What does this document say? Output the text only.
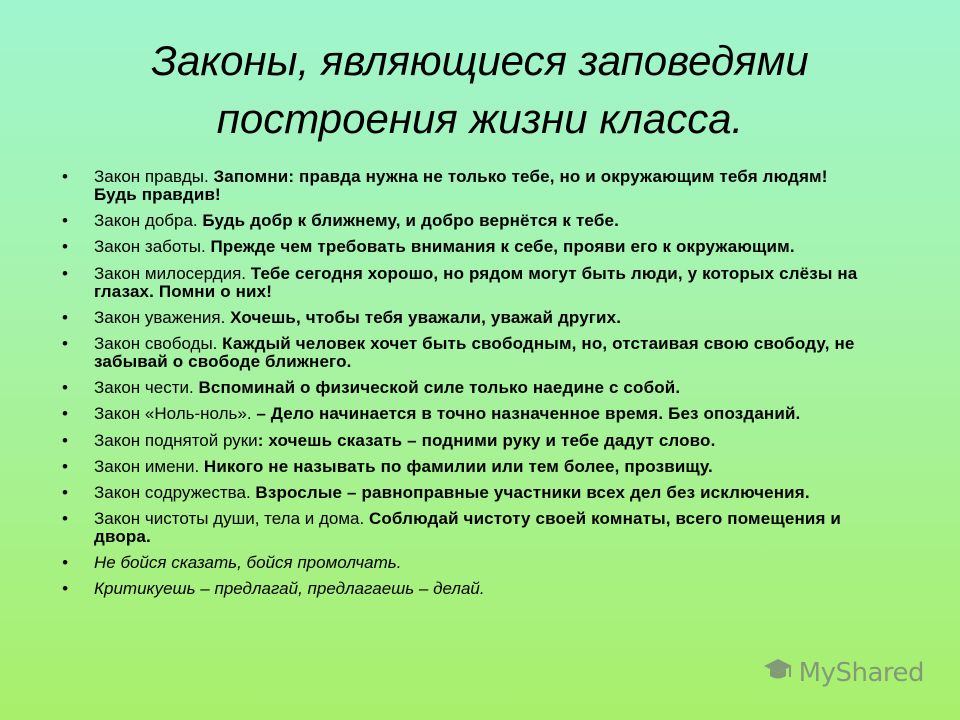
Законы, являющиеся заповедями
построения жизни класса.
• Закон правды. Запомни: правда нужна не только тебе, но и окружающим тебя людям! Будь правдив!
• Закон добра. Будь добр к ближнему, и добро вернётся к тебе.
• Закон заботы. Прежде чем требовать внимания к себе, прояви его к окружающим.
• Закон милосердия. Тебе сегодня хорошо, но рядом могут быть люди, у которых слёзы на глазах. Помни о них!
• Закон уважения. Хочешь, чтобы тебя уважали, уважай других.
• Закон свободы. Каждый человек хочет быть свободным, но, отстаивая свою свободу, не забывай о свободе ближнего.
• Закон чести. Вспоминай о физической силе только наедине с собой.
• Закон «Ноль-ноль». – Дело начинается в точно назначенное время. Без опозданий.
• Закон поднятой руки: хочешь сказать – подними руку и тебе дадут слово.
• Закон имени. Никого не называть по фамилии или тем более, прозвищу.
• Закон содружества. Взрослые – равноправные участники всех дел без исключения.
• Закон чистоты души, тела и дома. Соблюдай чистоту своей комнаты, всего помещения и двора.
• Не бойся сказать, бойся промолчать.
• Критикуешь – предлагай, предлагаешь – делай.
MyShared
